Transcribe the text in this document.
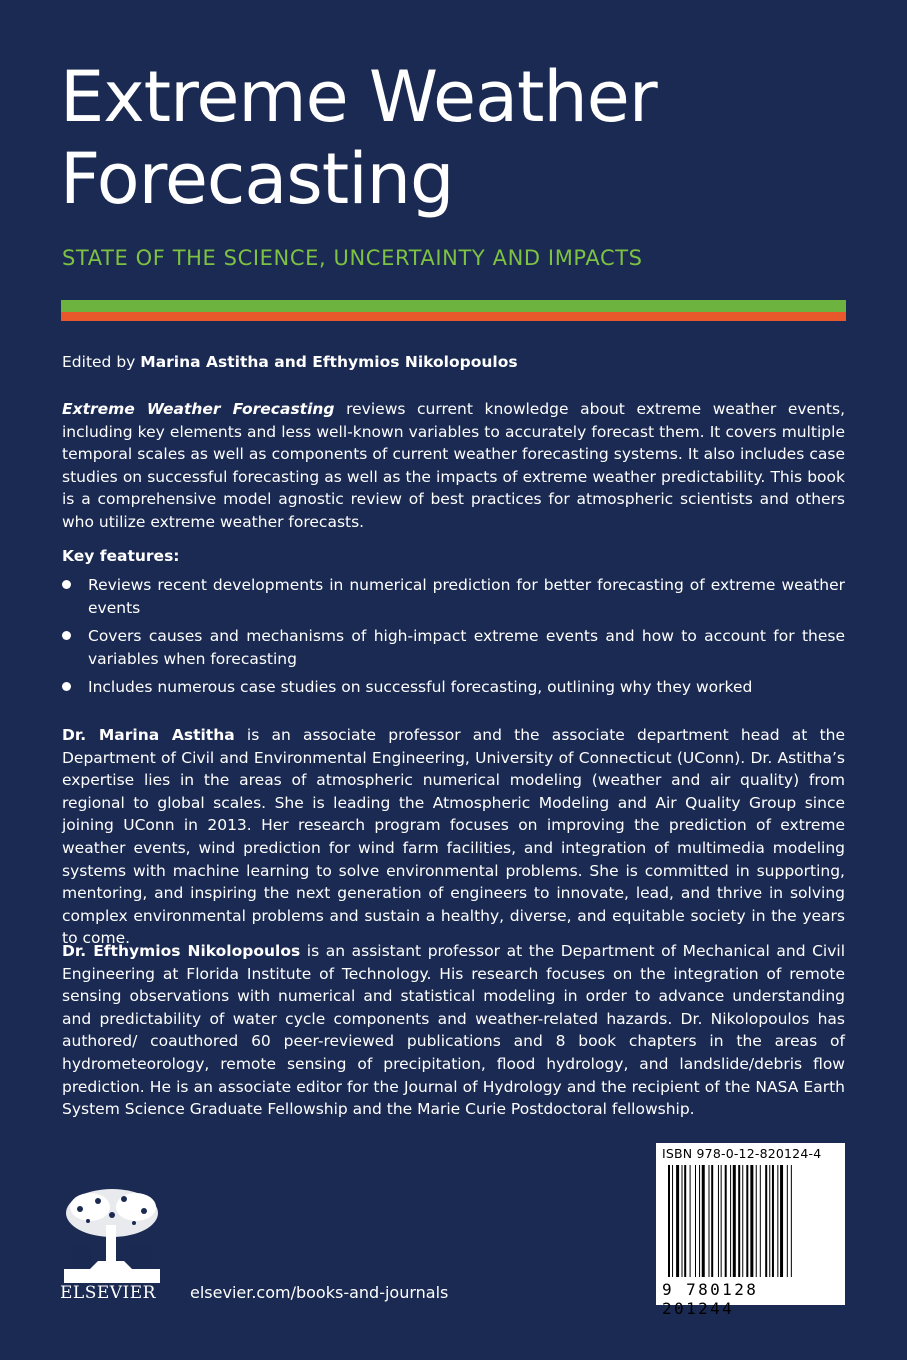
Extreme Weather Forecasting
STATE OF THE SCIENCE, UNCERTAINTY AND IMPACTS
Edited by Marina Astitha and Efthymios Nikolopoulos
Extreme Weather Forecasting reviews current knowledge about extreme weather events, including key elements and less well-known variables to accurately forecast them. It covers multiple temporal scales as well as components of current weather forecasting systems. It also includes case studies on successful forecasting as well as the impacts of extreme weather predictability. This book is a comprehensive model agnostic review of best practices for atmospheric scientists and others who utilize extreme weather forecasts.
Key features:
Reviews recent developments in numerical prediction for better forecasting of extreme weather events
Covers causes and mechanisms of high-impact extreme events and how to account for these variables when forecasting
Includes numerous case studies on successful forecasting, outlining why they worked
Dr. Marina Astitha is an associate professor and the associate department head at the Department of Civil and Environmental Engineering, University of Connecticut (UConn). Dr. Astitha’s expertise lies in the areas of atmospheric numerical modeling (weather and air quality) from regional to global scales. She is leading the Atmospheric Modeling and Air Quality Group since joining UConn in 2013. Her research program focuses on improving the prediction of extreme weather events, wind prediction for wind farm facilities, and integration of multimedia modeling systems with machine learning to solve environmental problems. She is committed in supporting, mentoring, and inspiring the next generation of engineers to innovate, lead, and thrive in solving complex environmental problems and sustain a healthy, diverse, and equitable society in the years to come.
Dr. Efthymios Nikolopoulos is an assistant professor at the Department of Mechanical and Civil Engineering at Florida Institute of Technology. His research focuses on the integration of remote sensing observations with numerical and statistical modeling in order to advance understanding and predictability of water cycle components and weather-related hazards. Dr. Nikolopoulos has authored/ coauthored 60 peer-reviewed publications and 8 book chapters in the areas of hydrometeorology, remote sensing of precipitation, flood hydrology, and landslide/debris flow prediction. He is an associate editor for the Journal of Hydrology and the recipient of the NASA Earth System Science Graduate Fellowship and the Marie Curie Postdoctoral fellowship.
ELSEVIER elsevier.com/books-and-journals
ISBN 978-0-12-820124-4
9 780128 201244
